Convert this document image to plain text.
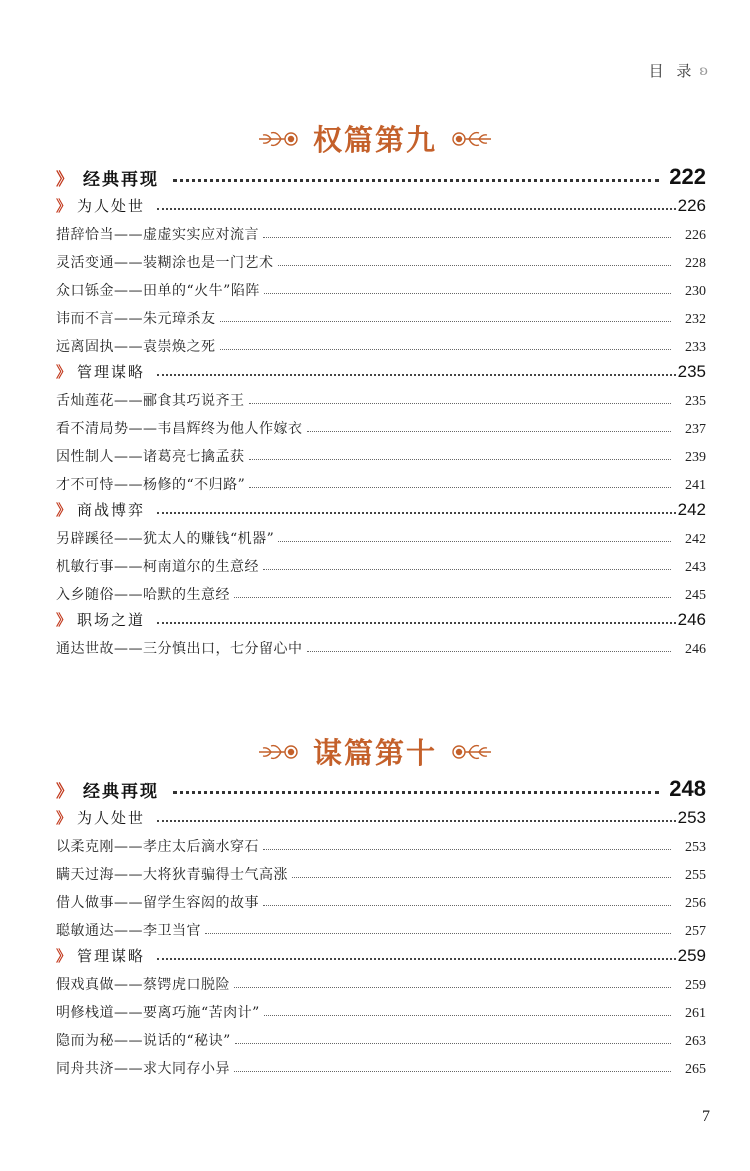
目 录 ʚ
权篇第九
》 经典再现	222
》 为人处世	226
措辞恰当——虚虚实实应对流言	226
灵活变通——装糊涂也是一门艺术	228
众口铄金——田单的“火牛”陷阵	230
讳而不言——朱元璋杀友	232
远离固执——袁崇焕之死	233
》 管理谋略	235
舌灿莲花——郦食其巧说齐王	235
看不清局势——韦昌辉终为他人作嫁衣	237
因性制人——诸葛亮七擒孟获	239
才不可恃——杨修的“不归路”	241
》 商战博弈	242
另辟蹊径——犹太人的赚钱“机器”	242
机敏行事——柯南道尔的生意经	243
入乡随俗——哈默的生意经	245
》 职场之道	246
通达世故——三分慎出口，七分留心中	246
谋篇第十
》 经典再现	248
》 为人处世	253
以柔克刚——孝庄太后滴水穿石	253
瞒天过海——大将狄青骗得士气高涨	255
借人做事——留学生容闳的故事	256
聪敏通达——李卫当官	257
》 管理谋略	259
假戏真做——蔡锷虎口脱险	259
明修栈道——要离巧施“苦肉计”	261
隐而为秘——说话的“秘诀”	263
同舟共济——求大同存小异	265
7
